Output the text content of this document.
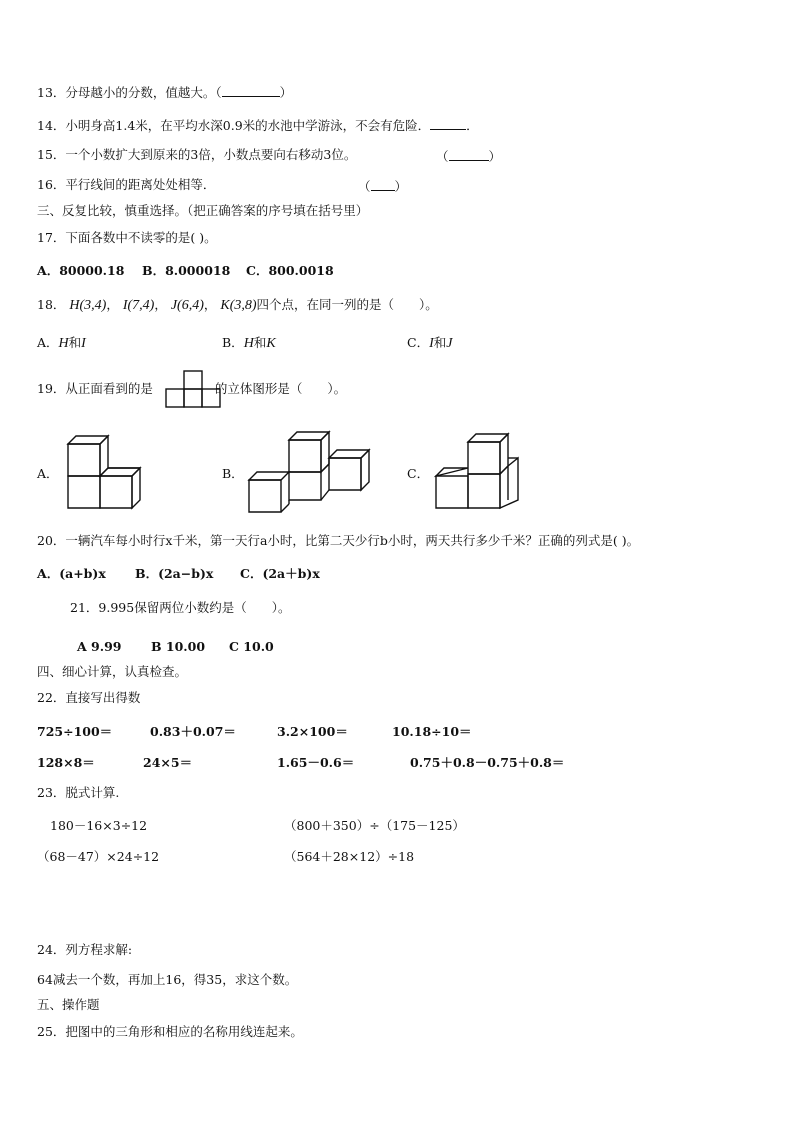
13．分母越小的分数，值越大。（	）
14．小明身高1.4米，在平均水深0.9米的水池中学游泳，不会有危险．	．
15．一个小数扩大到原来的3倍，小数点要向右移动3位。	（	）
16．平行线间的距离处处相等．	（ ）
三、反复比较，慎重选择。（把正确答案的序号填在括号里）
17．下面各数中不读零的是( )。
A．80000.18 B．8.000018 C．800.0018
18． H(3,4)， I(7,4)， J(6,4)， K(3,8)四个点，在同一列的是（　　）。
A．H和I	B．H和K	C．I和J
19．从正面看到的是	的立体图形是（　　）。
A．	B．	C．
20．一辆汽车每小时行x千米，第一天行a小时，比第二天少行b小时，两天共行多少千米？正确的列式是( )。
A．(a+b)x B．(2a−b)x C．(2a＋b)x
21．9.995保留两位小数约是（　　）。
A 9.99 B 10.00 C 10.0
四、细心计算，认真检查。
22．直接写出得数
725÷100＝	0.83＋0.07＝	3.2×100＝	10.18÷10＝
128×8＝	24×5＝	1.65－0.6＝	0.75＋0.8－0.75＋0.8＝
23．脱式计算.
180－16×3÷12	（800＋350）÷（175－125）
（68－47）×24÷12	（564＋28×12）÷18
24．列方程求解:
64减去一个数，再加上16，得35，求这个数。
五、操作题
25．把图中的三角形和相应的名称用线连起来。
